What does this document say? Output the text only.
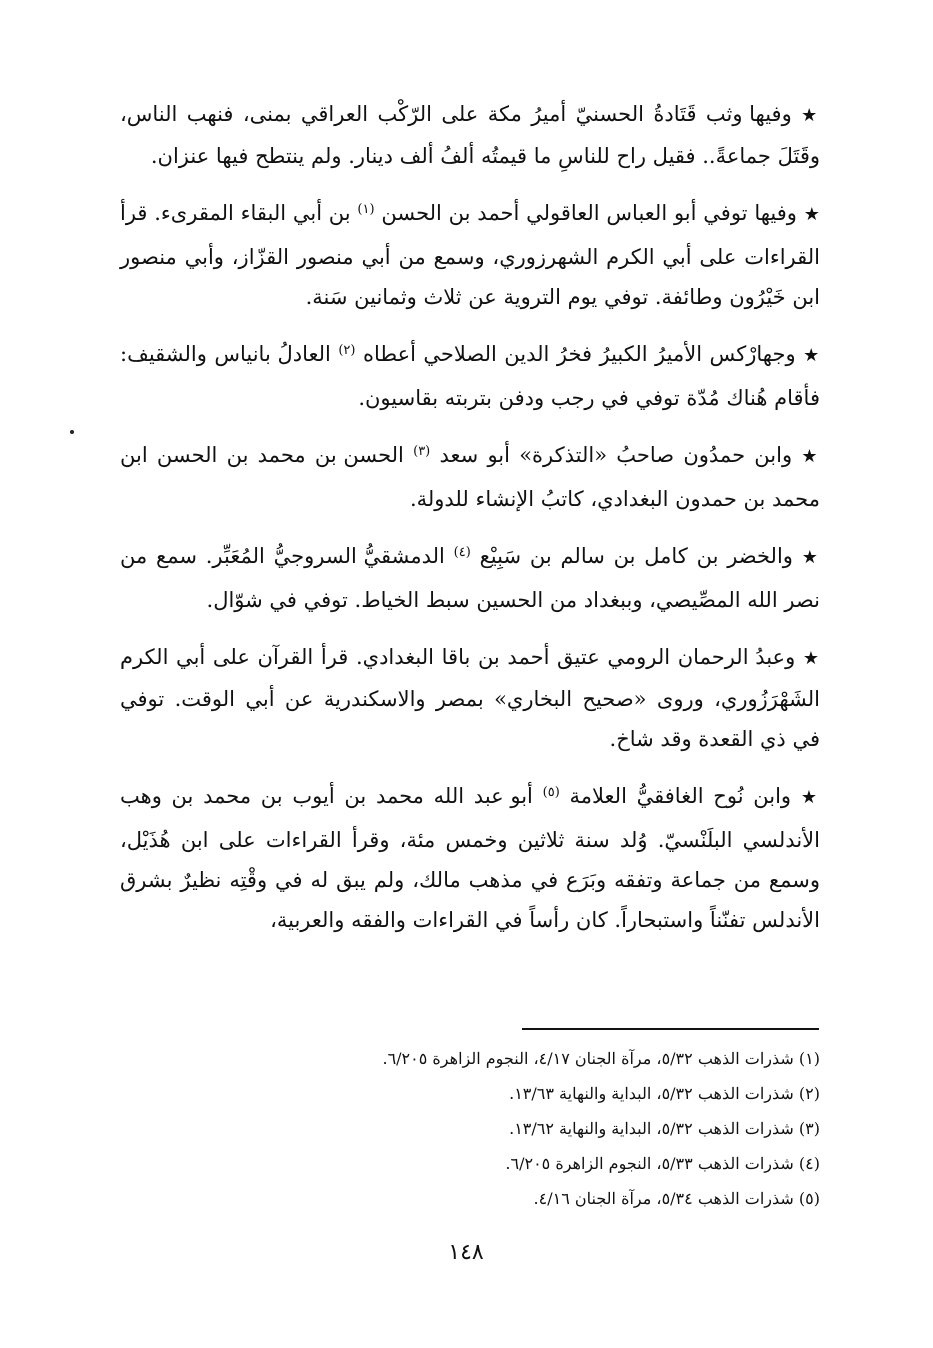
★ وفيها وثب قَتَادةُ الحسنيّ أميرُ مكة على الرّكْب العراقي بمنى، فنهب الناس، وقَتَلَ جماعةً.. فقيل راح للناسِ ما قيمتُه ألفُ ألف دينار. ولم ينتطح فيها عنزان.

★ وفيها توفي أبو العباس العاقولي أحمد بن الحسن $^{(١)}$ بن أبي البقاء المقرىء. قرأ القراءات على أبي الكرم الشهرزوري، وسمع من أبي منصور القزّاز، وأبي منصور ابن خَيْرُون وطائفة. توفي يوم التروية عن ثلاث وثمانين سَنة.

★ وجهارْكس الأميرُ الكبيرُ فخرُ الدين الصلاحي أعطاه $^{(٢)}$ العادلُ بانياس والشقيف: فأقام هُناك مُدّة توفي في رجب ودفن بتربته بقاسيون.

★ وابن حمدُون صاحبُ «التذكرة» أبو سعد $^{(٣)}$ الحسن بن محمد بن الحسن ابن محمد بن حمدون البغدادي، كاتبُ الإنشاء للدولة.

★ والخضر بن كامل بن سالم بن سَبِيْع $^{(٤)}$ الدمشقيُّ السروجيُّ المُعَبِّر. سمع من نصر الله المصِّيصي، وببغداد من الحسين سبط الخياط. توفي في شوّال.

★ وعبدُ الرحمان الرومي عتيق أحمد بن باقا البغدادي. قرأ القرآن على أبي الكرم الشَهْرَزُوري، وروى «صحيح البخاري» بمصر والاسكندرية عن أبي الوقت. توفي في ذي القعدة وقد شاخ.

★ وابن نُوح الغافقيُّ العلامة $^{(٥)}$ أبو عبد الله محمد بن أيوب بن محمد بن وهب الأندلسي البلَنْسيّ. وُلد سنة ثلاثين وخمس مئة، وقرأ القراءات على ابن هُذَيْل، وسمع من جماعة وتفقه وبَرَع في مذهب مالك، ولم يبق له في وقْتِه نظيرٌ بشرق الأندلس تفنّناً واستبحاراً. كان رأساً في القراءات والفقه والعربية،

(١) شذرات الذهب ٥/٣٢، مرآة الجنان ٤/١٧، النجوم الزاهرة ٦/٢٠٥.
(٢) شذرات الذهب ٥/٣٢، البداية والنهاية ١٣/٦٣.
(٣) شذرات الذهب ٥/٣٢، البداية والنهاية ١٣/٦٢.
(٤) شذرات الذهب ٥/٣٣، النجوم الزاهرة ٦/٢٠٥.
(٥) شذرات الذهب ٥/٣٤، مرآة الجنان ٤/١٦.
١٤٨
